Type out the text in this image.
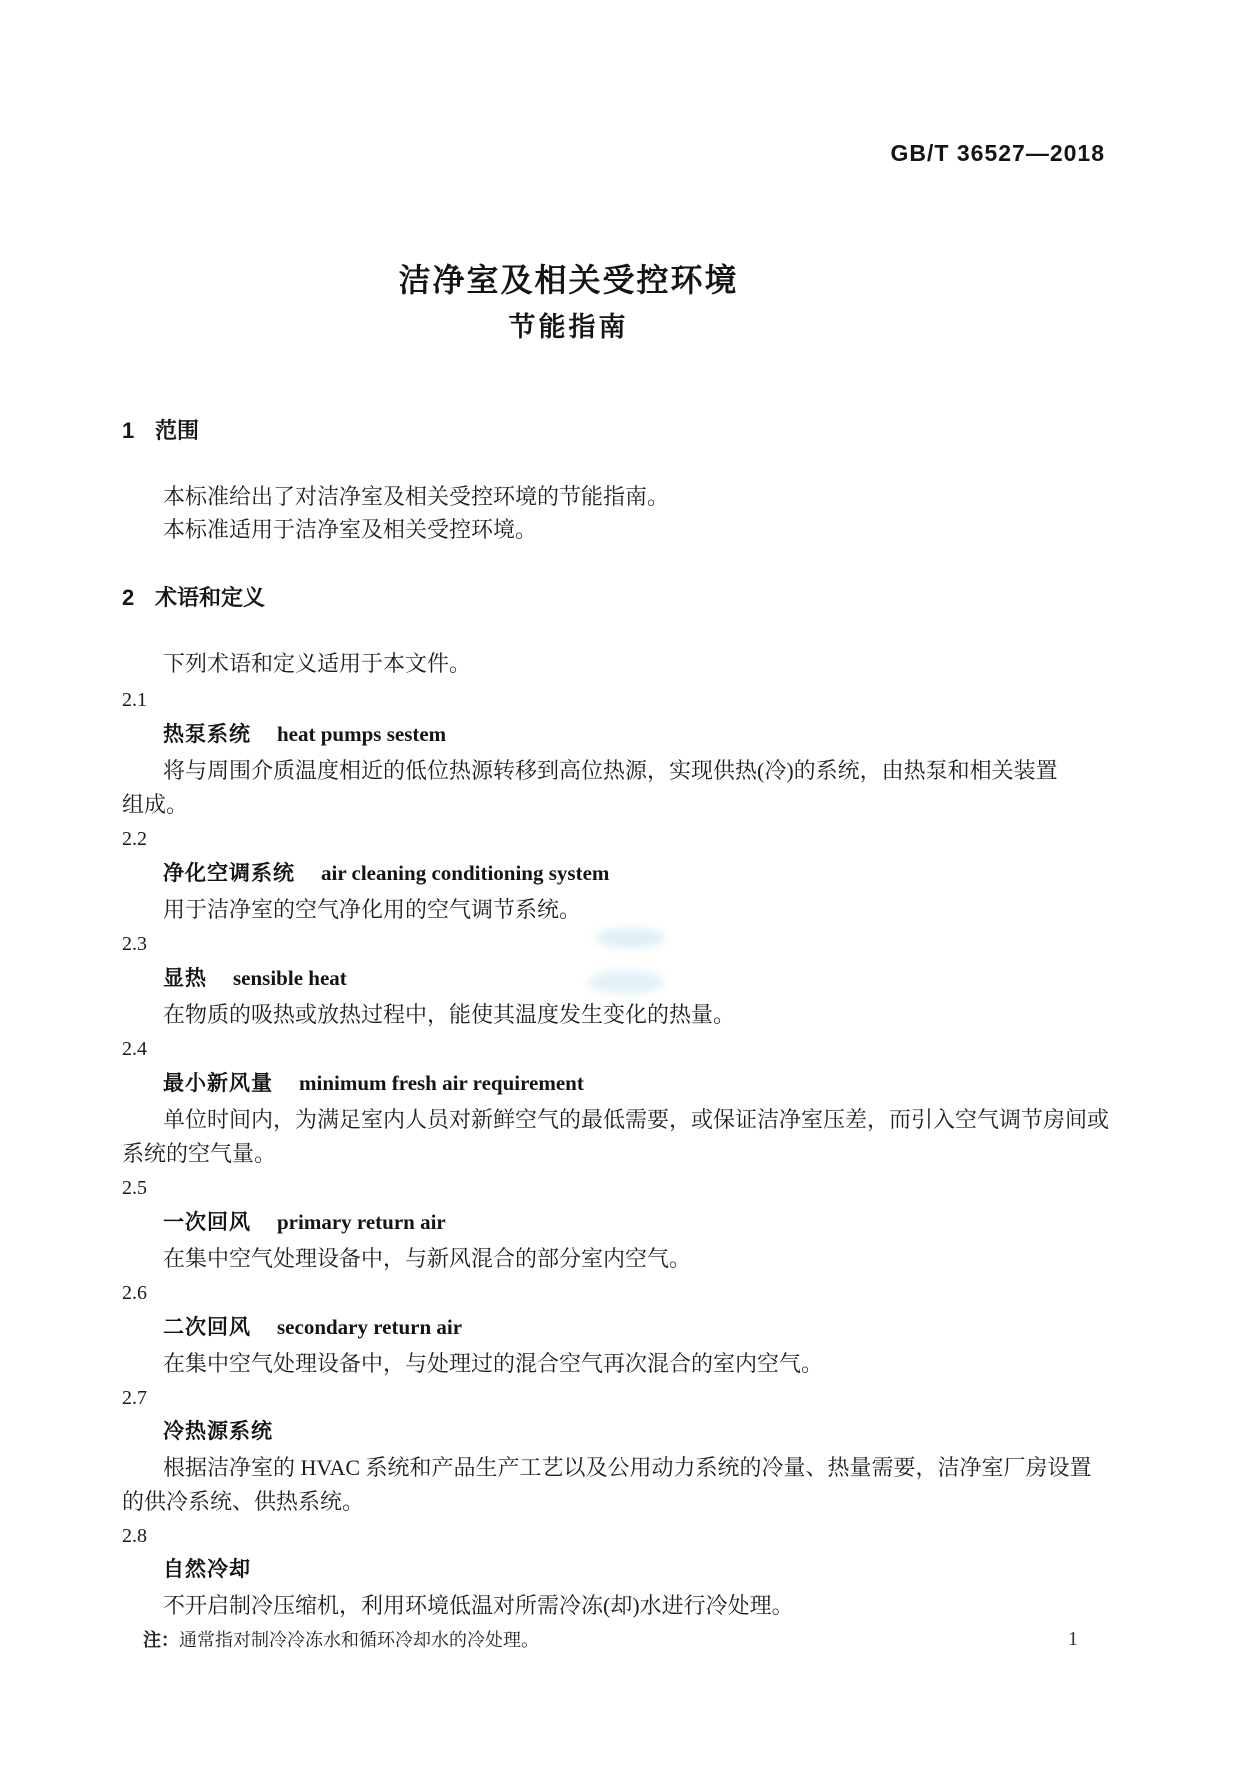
GB/T 36527—2018
洁净室及相关受控环境
节能指南
1 范围
本标准给出了对洁净室及相关受控环境的节能指南。
本标准适用于洁净室及相关受控环境。
2 术语和定义
下列术语和定义适用于本文件。
2.1
热泵系统 heat pumps sestem
将与周围介质温度相近的低位热源转移到高位热源，实现供热(冷)的系统，由热泵和相关装置
组成。
2.2
净化空调系统 air cleaning conditioning system
用于洁净室的空气净化用的空气调节系统。
2.3
显热 sensible heat
在物质的吸热或放热过程中，能使其温度发生变化的热量。
2.4
最小新风量 minimum fresh air requirement
单位时间内，为满足室内人员对新鲜空气的最低需要，或保证洁净室压差，而引入空气调节房间或
系统的空气量。
2.5
一次回风 primary return air
在集中空气处理设备中，与新风混合的部分室内空气。
2.6
二次回风 secondary return air
在集中空气处理设备中，与处理过的混合空气再次混合的室内空气。
2.7
冷热源系统
根据洁净室的 HVAC 系统和产品生产工艺以及公用动力系统的冷量、热量需要，洁净室厂房设置
的供冷系统、供热系统。
2.8
自然冷却
不开启制冷压缩机，利用环境低温对所需冷冻(却)水进行冷处理。
注：通常指对制冷冷冻水和循环冷却水的冷处理。	1
